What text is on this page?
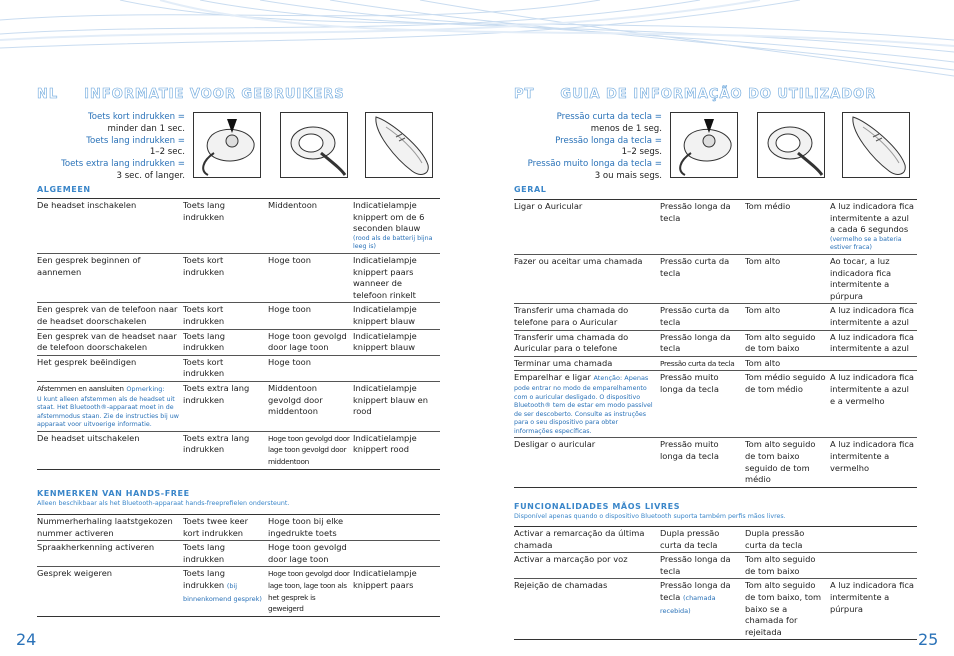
NL INFORMATIE VOOR GEBRUIKERS
Toets kort indrukken =
minder dan 1 sec.
Toets lang indrukken =
1–2 sec.
Toets extra lang indrukken =
3 sec. of langer.
ALGEMEEN
De headset inschakelen	Toets lang indrukken	Middentoon	Indicatielampje knippert om de 6 seconden blauw
(rood als de batterij bijna leeg is)

Een gesprek beginnen of aannemen	Toets kort indrukken	Hoge toon	Indicatielampje knippert paars wanneer de telefoon rinkelt
Een gesprek van de telefoon naar de headset doorschakelen	Toets kort indrukken	Hoge toon	Indicatielampje knippert blauw
Een gesprek van de headset naar de telefoon doorschakelen	Toets lang indrukken	Hoge toon gevolgd door lage toon	Indicatielampje knippert blauw
Het gesprek beëindigen	Toets kort indrukken	Hoge toon	
Afstemmen en aansluiten Opmerking:
U kunt alleen afstemmen als de headset uit staat. Het Bluetooth®-apparaat moet in de afstemmodus staan. Zie de instructies bij uw apparaat voor uitvoerige informatie.	Toets extra lang indrukken	Middentoon gevolgd door middentoon	Indicatielampje knippert blauw en rood
De headset uitschakelen	Toets extra lang indrukken	Hoge toon gevolgd door lage toon gevolgd door middentoon	Indicatielampje knippert rood
KENMERKEN VAN HANDS-FREE
Alleen beschikbaar als het Bluetooth-apparaat hands-freeprefielen ondersteunt.
Nummerherhaling laatstgekozen nummer activeren	Toets twee keer kort indrukken	Hoge toon bij elke ingedrukte toets	
Spraakherkenning activeren	Toets lang indrukken	Hoge toon gevolgd door lage toon	
Gesprek weigeren	Toets lang indrukken (bij binnenkomend gesprek)	Hoge toon gevolgd door lage toon, lage toon als het gesprek is geweigerd	Indicatielampje knippert paars
24
PT GUIA DE INFORMAÇÃO DO UTILIZADOR
Pressão curta da tecla =
menos de 1 seg.
Pressão longa da tecla =
1–2 segs.
Pressão muito longa da tecla =
3 ou mais segs.
GERAL
Ligar o Auricular	Pressão longa da tecla	Tom médio	A luz indicadora fica intermitente a azul a cada 6 segundos
(vermelho se a bateria estiver fraca)

Fazer ou aceitar uma chamada	Pressão curta da tecla	Tom alto	Ao tocar, a luz indicadora fica intermitente a púrpura
Transferir uma chamada do telefone para o Auricular	Pressão curta da tecla	Tom alto	A luz indicadora fica intermitente a azul
Transferir uma chamada do Auricular para o telefone	Pressão longa da tecla	Tom alto seguido de tom baixo	A luz indicadora fica intermitente a azul
Terminar uma chamada	Pressão curta da tecla	Tom alto	
Emparelhar e ligar Atenção: Apenas
pode entrar no modo de emparelhamento com o auricular desligado. O dispositivo Bluetooth® tem de estar em modo passível de ser descoberto. Consulte as instruções para o seu dispositivo para obter informações específicas.	Pressão muito longa da tecla	Tom médio seguido de tom médio	A luz indicadora fica intermitente a azul e a vermelho
Desligar o auricular	Pressão muito longa da tecla	Tom alto seguido de tom baixo seguido de tom médio	A luz indicadora fica intermitente a vermelho
FUNCIONALIDADES MÃOS LIVRES
Disponível apenas quando o dispositivo Bluetooth suporta também perfis mãos livres.
Activar a remarcação da última chamada	Dupla pressão curta da tecla	Dupla pressão curta da tecla	
Activar a marcação por voz	Pressão longa da tecla	Tom alto seguido de tom baixo	
Rejeição de chamadas	Pressão longa da tecla (chamada recebida)	Tom alto seguido de tom baixo, tom baixo se a chamada for rejeitada	A luz indicadora fica intermitente a púrpura
25
